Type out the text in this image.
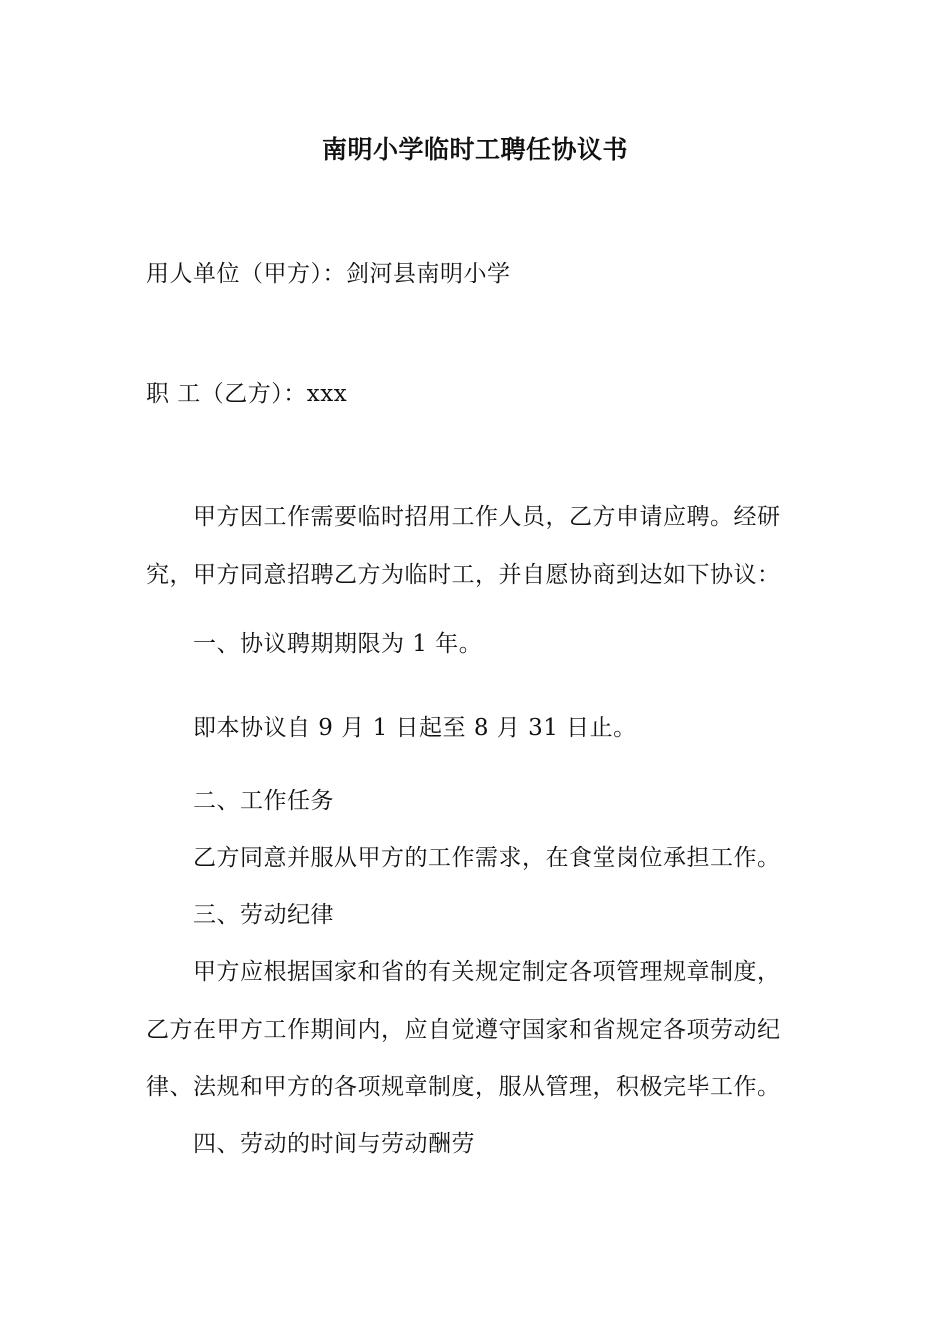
南明小学临时工聘任协议书
用人单位（甲方）：剑河县南明小学
职 工（乙方）：xxx
甲方因工作需要临时招用工作人员，乙方申请应聘。经研
究，甲方同意招聘乙方为临时工，并自愿协商到达如下协议：
一、协议聘期期限为 1 年。
即本协议自 9 月 1 日起至 8 月 31 日止。
二、工作任务
乙方同意并服从甲方的工作需求，在食堂岗位承担工作。
三、劳动纪律
甲方应根据国家和省的有关规定制定各项管理规章制度，
乙方在甲方工作期间内，应自觉遵守国家和省规定各项劳动纪
律、法规和甲方的各项规章制度，服从管理，积极完毕工作。
四、劳动的时间与劳动酬劳
